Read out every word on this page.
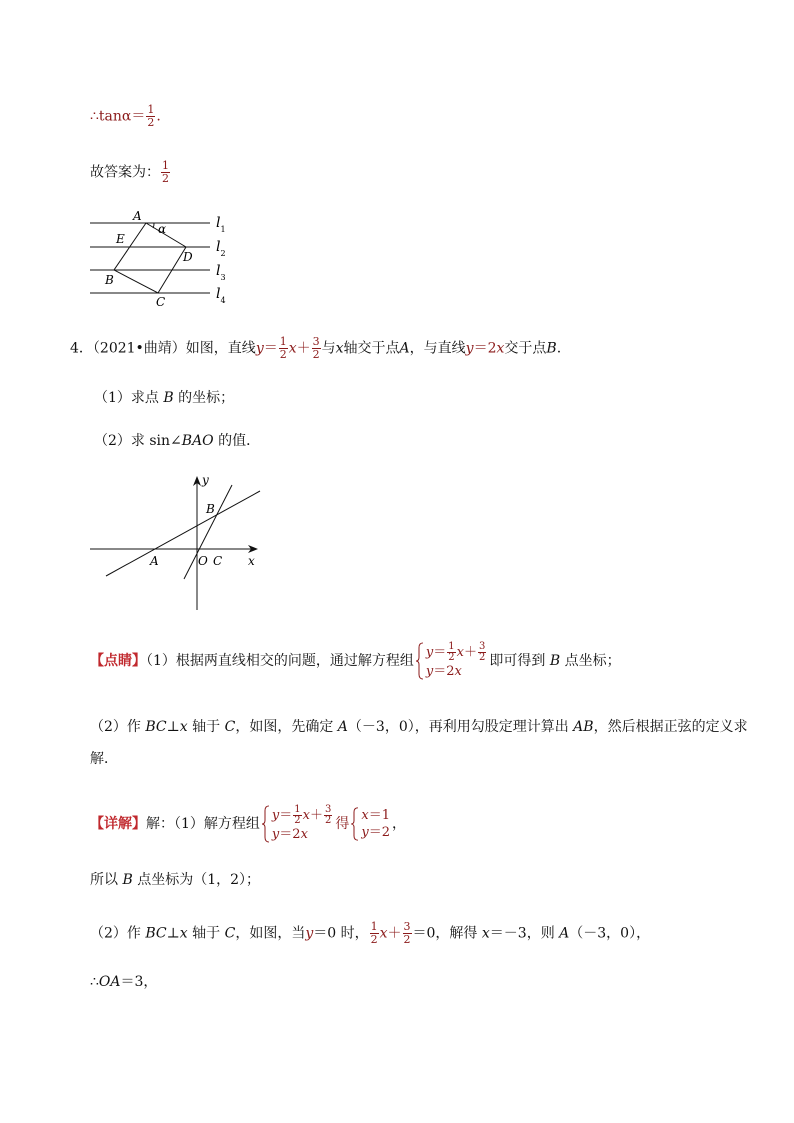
∴tanα＝ $\frac{1}{2}$ .
故答案为： $\frac{1}{2}$
A
α
E
D
B
C
$l_1$
$l_2$
$l_3$
$l_4$
4．（2021•曲靖）如图，直线$y= \frac{1}{2} x+ \frac{3}{2}$ 与x轴交于点A，与直线y＝2x交于点B.
（1）求点 B 的坐标；
（2）求 sin∠BAO 的值．
y
x
B
A	O C
【点睛】（1）根据两直线相交的问题，通过解方程组
$y= \frac{1}{2} x+ \frac{3}{2}$
y＝2x
即可得到 B 点坐标；
（2）作 BC⊥x 轴于 C，如图，先确定 A（－3，0），再利用勾股定理计算出 AB，然后根据正弦的定义求
解．
【详解】解：（1）解方程组
$y= \frac{1}{2} x+ \frac{3}{2}$
y＝2x
得
x＝1
y＝2
，
所以 B 点坐标为（1，2）；
（2）作 BC⊥x 轴于 C，如图，当y＝0 时， $\frac{1}{2} x+ \frac{3}{2} =0$，解得 x＝－3，则 A（－3，0），
∴OA＝3，
